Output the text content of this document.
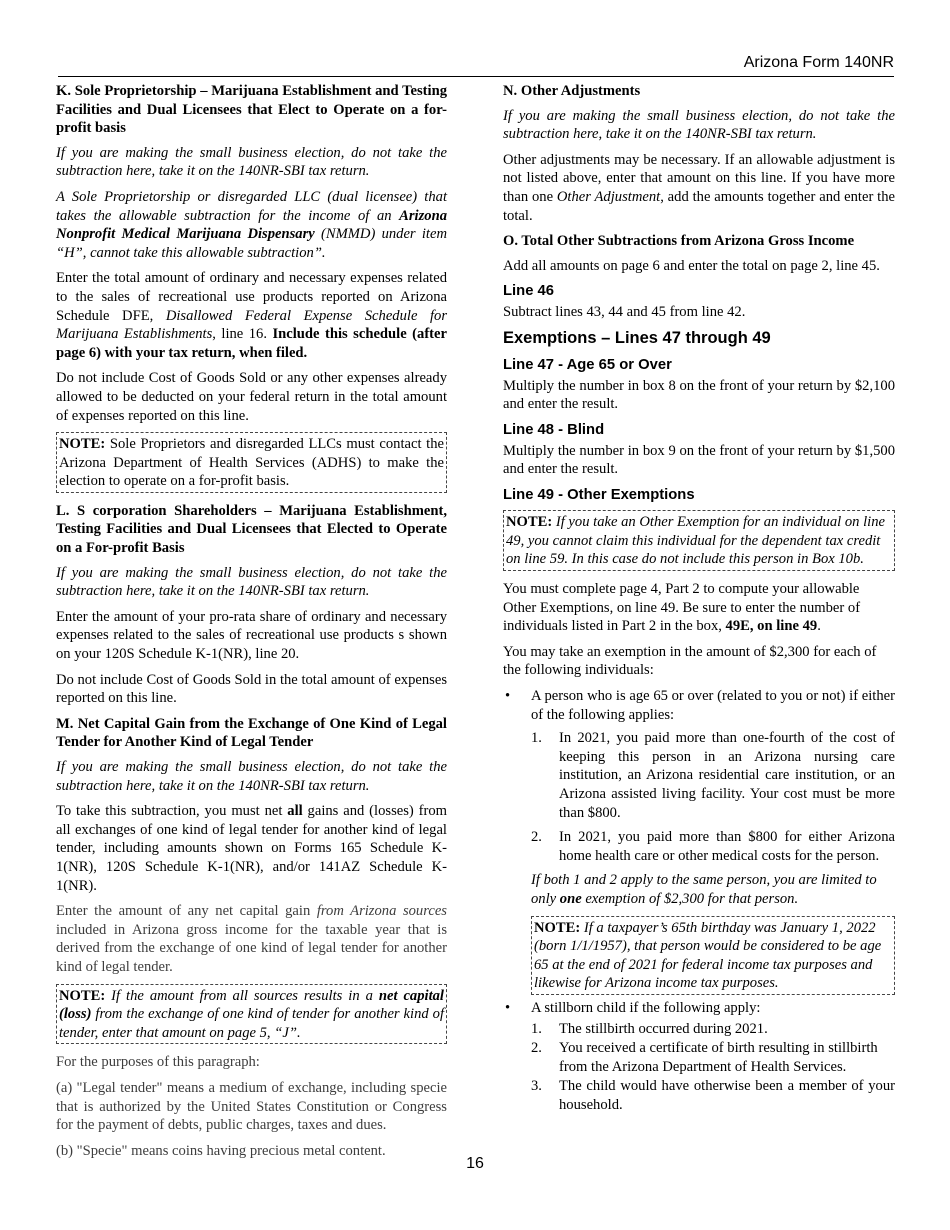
Arizona Form 140NR
K. Sole Proprietorship – Marijuana Establishment and Testing Facilities and Dual Licensees that Elect to Operate on a for-profit basis

If you are making the small business election, do not take the subtraction here, take it on the 140NR-SBI tax return.

A Sole Proprietorship or disregarded LLC (dual licensee) that takes the allowable subtraction for the income of an Arizona Nonprofit Medical Marijuana Dispensary (NMMD) under item “H”, cannot take this allowable subtraction”.

Enter the total amount of ordinary and necessary expenses related to the sales of recreational use products reported on Arizona Schedule DFE, Disallowed Federal Expense Schedule for Marijuana Establishments, line 16. Include this schedule (after page 6) with your tax return, when filed.

Do not include Cost of Goods Sold or any other expenses already allowed to be deducted on your federal return in the total amount of expenses reported on this line.

NOTE: Sole Proprietors and disregarded LLCs must contact the Arizona Department of Health Services (ADHS) to make the election to operate on a for-profit basis.

L. S corporation Shareholders – Marijuana Establishment, Testing Facilities and Dual Licensees that Elected to Operate on a For-profit Basis

If you are making the small business election, do not take the subtraction here, take it on the 140NR-SBI tax return.

Enter the amount of your pro-rata share of ordinary and necessary expenses related to the sales of recreational use products s shown on your 120S Schedule K-1(NR), line 20.

Do not include Cost of Goods Sold in the total amount of expenses reported on this line.

M. Net Capital Gain from the Exchange of One Kind of Legal Tender for Another Kind of Legal Tender

If you are making the small business election, do not take the subtraction here, take it on the 140NR-SBI tax return.

To take this subtraction, you must net all gains and (losses) from all exchanges of one kind of legal tender for another kind of legal tender, including amounts shown on Forms 165 Schedule K-1(NR), 120S Schedule K-1(NR), and/or 141AZ Schedule K-1(NR).

Enter the amount of any net capital gain from Arizona sources included in Arizona gross income for the taxable year that is derived from the exchange of one kind of legal tender for another kind of legal tender.

NOTE: If the amount from all sources results in a net capital (loss) from the exchange of one kind of tender for another kind of tender, enter that amount on page 5, “J”.

For the purposes of this paragraph:

(a) "Legal tender" means a medium of exchange, including specie that is authorized by the United States Constitution or Congress for the payment of debts, public charges, taxes and dues.

(b) "Specie" means coins having precious metal content.

N. Other Adjustments

If you are making the small business election, do not take the subtraction here, take it on the 140NR-SBI tax return.

Other adjustments may be necessary. If an allowable adjustment is not listed above, enter that amount on this line. If you have more than one Other Adjustment, add the amounts together and enter the total.

O. Total Other Subtractions from Arizona Gross Income

Add all amounts on page 6 and enter the total on page 2, line 45.

Line 46

Subtract lines 43, 44 and 45 from line 42.

Exemptions – Lines 47 through 49
Line 47 - Age 65 or Over

Multiply the number in box 8 on the front of your return by $2,100 and enter the result.

Line 48 - Blind

Multiply the number in box 9 on the front of your return by $1,500 and enter the result.

Line 49 - Other Exemptions

NOTE: If you take an Other Exemption for an individual on line 49, you cannot claim this individual for the dependent tax credit on line 59. In this case do not include this person in Box 10b.

You must complete page 4, Part 2 to compute your allowable Other Exemptions, on line 49. Be sure to enter the number of individuals listed in Part 2 in the box, 49E, on line 49.

You may take an exemption in the amount of $2,300 for each of the following individuals:

• A person who is age 65 or over (related to you or not) if either of the following applies:
1. In 2021, you paid more than one-fourth of the cost of keeping this person in an Arizona nursing care institution, an Arizona residential care institution, or an Arizona assisted living facility. Your cost must be more than $800.
2. In 2021, you paid more than $800 for either Arizona home health care or other medical costs for the person.

If both 1 and 2 apply to the same person, you are limited to only one exemption of $2,300 for that person.

NOTE: If a taxpayer’s 65th birthday was January 1, 2022 (born 1/1/1957), that person would be considered to be age 65 at the end of 2021 for federal income tax purposes and likewise for Arizona income tax purposes.

• A stillborn child if the following apply:
1. The stillbirth occurred during 2021.
2. You received a certificate of birth resulting in stillbirth from the Arizona Department of Health Services.
3. The child would have otherwise been a member of your household.
16
